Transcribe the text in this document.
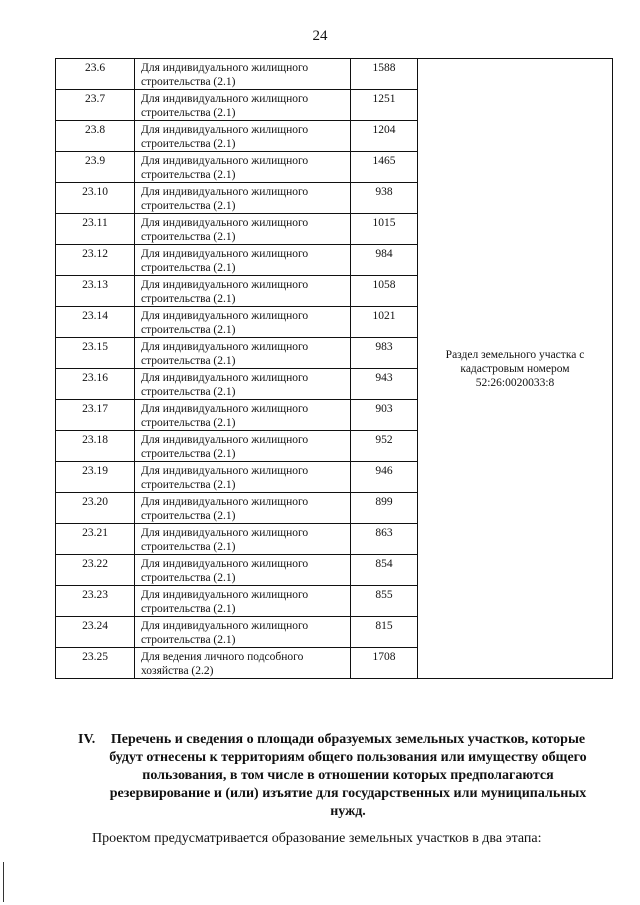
24
23.6	Для индивидуального жилищного строительства (2.1)	1588	Раздел земельного участка с кадастровым номером 52:26:0020033:8
23.7	Для индивидуального жилищного строительства (2.1)	1251	
23.8	Для индивидуального жилищного строительства (2.1)	1204	
23.9	Для индивидуального жилищного строительства (2.1)	1465	
23.10	Для индивидуального жилищного строительства (2.1)	938	
23.11	Для индивидуального жилищного строительства (2.1)	1015	
23.12	Для индивидуального жилищного строительства (2.1)	984	
23.13	Для индивидуального жилищного строительства (2.1)	1058	
23.14	Для индивидуального жилищного строительства (2.1)	1021	
23.15	Для индивидуального жилищного строительства (2.1)	983	
23.16	Для индивидуального жилищного строительства (2.1)	943	
23.17	Для индивидуального жилищного строительства (2.1)	903	
23.18	Для индивидуального жилищного строительства (2.1)	952	
23.19	Для индивидуального жилищного строительства (2.1)	946	
23.20	Для индивидуального жилищного строительства (2.1)	899	
23.21	Для индивидуального жилищного строительства (2.1)	863	
23.22	Для индивидуального жилищного строительства (2.1)	854	
23.23	Для индивидуального жилищного строительства (2.1)	855	
23.24	Для индивидуального жилищного строительства (2.1)	815	
23.25	Для ведения личного подсобного хозяйства (2.2)	1708	
IV.	Перечень и сведения о площади образуемых земельных участков, которые будут отнесены к территориям общего пользования или имуществу общего пользования, в том числе в отношении которых предполагаются резервирование и (или) изъятие для государственных или муниципальных нужд.
Проектом предусматривается образование земельных участков в два этапа:
